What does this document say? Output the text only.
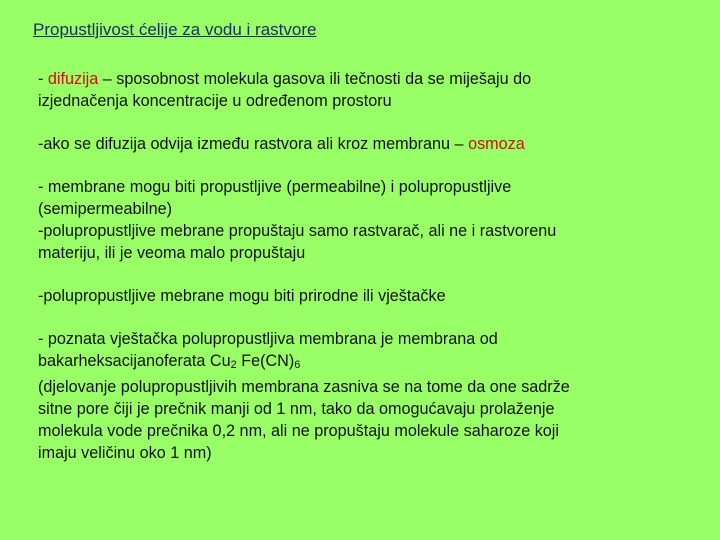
Propustljivost ćelije za vodu i rastvore
- difuzija – sposobnost molekula gasova ili tečnosti da se miješaju do
izjednačenja koncentracije u određenom prostoru
-ako se difuzija odvija između rastvora ali kroz membranu – osmoza
- membrane mogu biti propustljive (permeabilne) i polupropustljive
(semipermeabilne)
-polupropustljive mebrane propuštaju samo rastvarač, ali ne i rastvorenu
materiju, ili je veoma malo propuštaju
-polupropustljive mebrane mogu biti prirodne ili vještačke
- poznata vještačka polupropustljiva membrana je membrana od
bakarheksacijanoferata Cu2 Fe(CN)6
(djelovanje polupropustljivih membrana zasniva se na tome da one sadrže
sitne pore čiji je prečnik manji od 1 nm, tako da omogućavaju prolaženje
molekula vode prečnika 0,2 nm, ali ne propuštaju molekule saharoze koji
imaju veličinu oko 1 nm)
